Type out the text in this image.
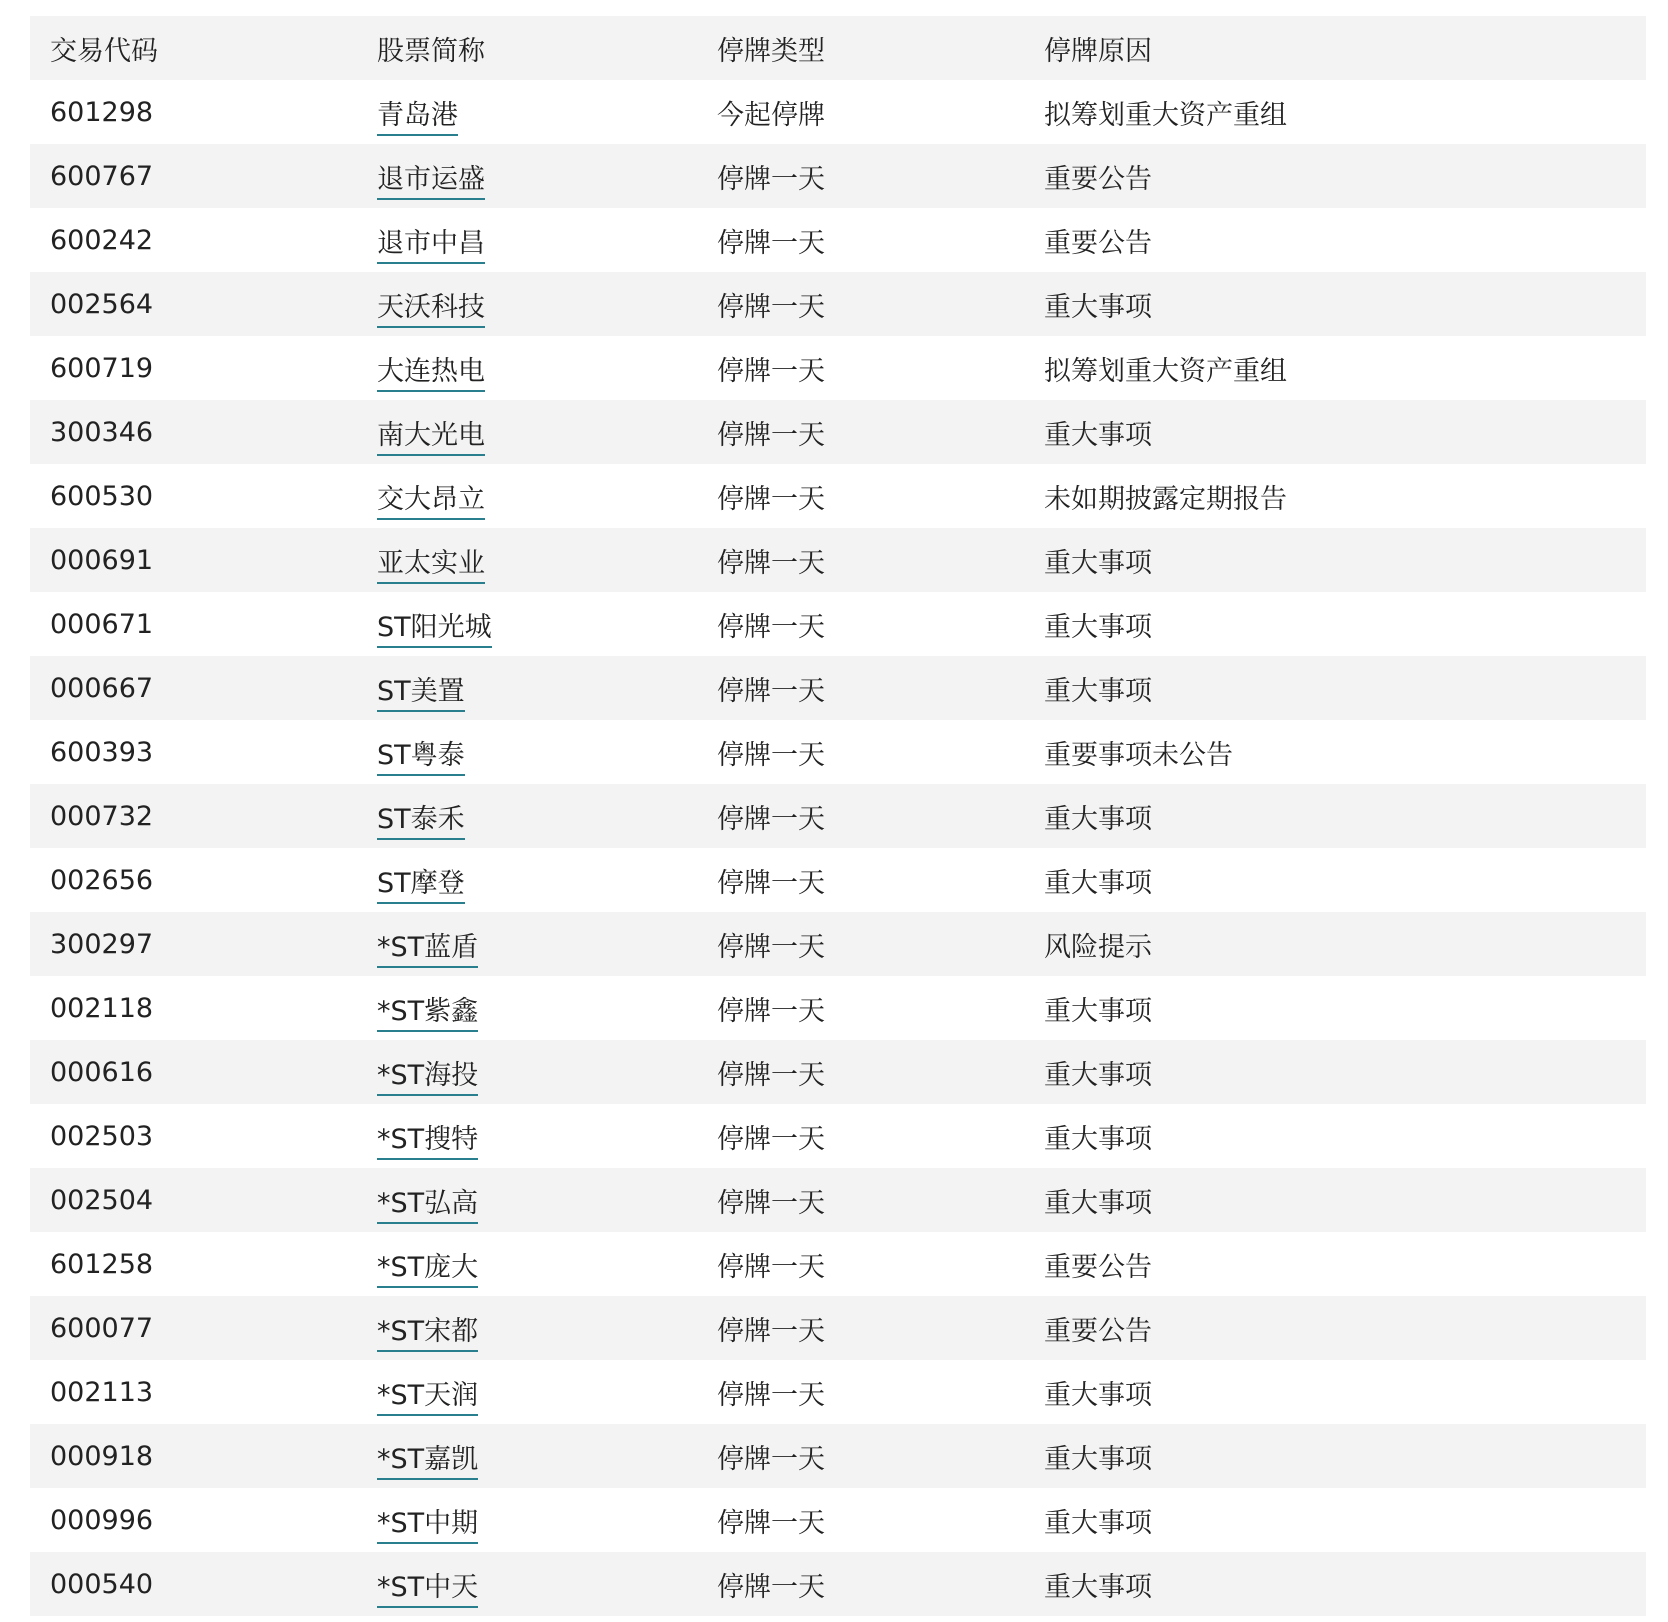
交易代码	股票简称	停牌类型	停牌原因
601298	青岛港	今起停牌	拟筹划重大资产重组
600767	退市运盛	停牌一天	重要公告
600242	退市中昌	停牌一天	重要公告
002564	天沃科技	停牌一天	重大事项
600719	大连热电	停牌一天	拟筹划重大资产重组
300346	南大光电	停牌一天	重大事项
600530	交大昂立	停牌一天	未如期披露定期报告
000691	亚太实业	停牌一天	重大事项
000671	ST阳光城	停牌一天	重大事项
000667	ST美置	停牌一天	重大事项
600393	ST粤泰	停牌一天	重要事项未公告
000732	ST泰禾	停牌一天	重大事项
002656	ST摩登	停牌一天	重大事项
300297	*ST蓝盾	停牌一天	风险提示
002118	*ST紫鑫	停牌一天	重大事项
000616	*ST海投	停牌一天	重大事项
002503	*ST搜特	停牌一天	重大事项
002504	*ST弘高	停牌一天	重大事项
601258	*ST庞大	停牌一天	重要公告
600077	*ST宋都	停牌一天	重要公告
002113	*ST天润	停牌一天	重大事项
000918	*ST嘉凯	停牌一天	重大事项
000996	*ST中期	停牌一天	重大事项
000540	*ST中天	停牌一天	重大事项
